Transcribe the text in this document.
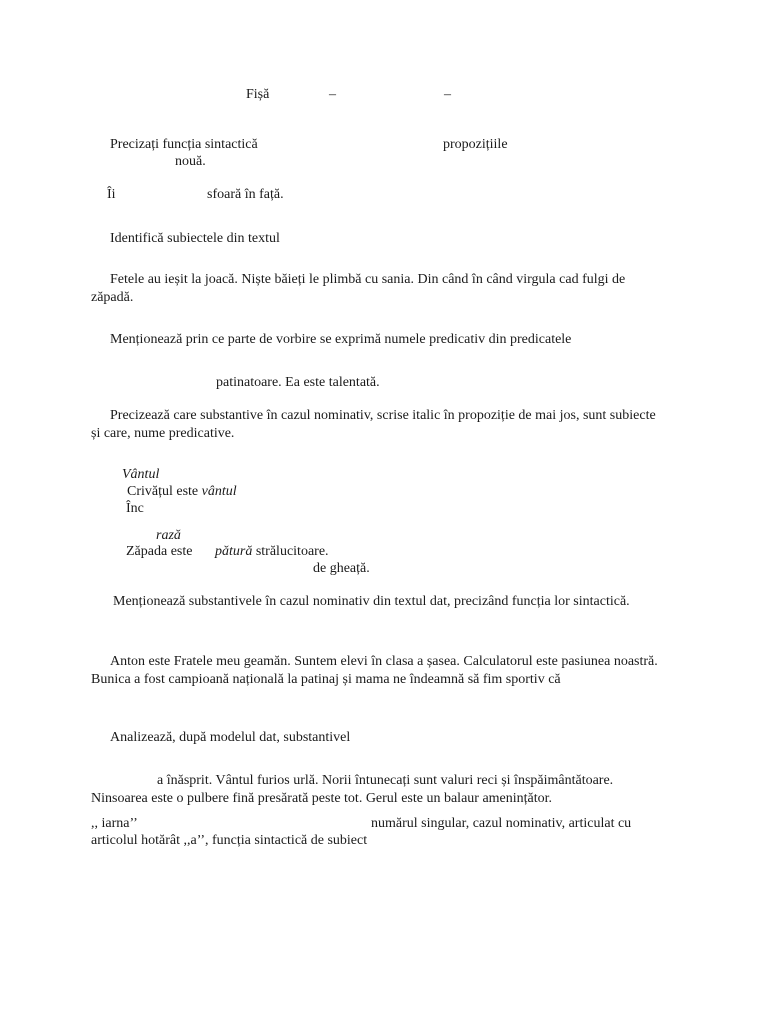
Fișă	–	–
Precizați funcția sintactică	propozițiile
nouă.
Îi	sfoară în față.
Identifică subiectele din textul
Fetele au ieșit la joacă. Niște băieți le plimbă cu sania. Din când în când virgula cad fulgi de zăpadă.
Menționează prin ce parte de vorbire se exprimă numele predicativ din predicatele
patinatoare. Ea este talentată.
Precizează care substantive în cazul nominativ, scrise italic în propoziție de mai jos, sunt subiecte și care, nume predicative.
Vântul
Crivățul este vântul
Înc
rază
Zăpada este pătură strălucitoare.
de gheață.
Menționează substantivele în cazul nominativ din textul dat, precizând funcția lor sintactică.
Anton este Fratele meu geamăn. Suntem elevi în clasa a șasea. Calculatorul este pasiunea noastră. Bunica a fost campioană națională la patinaj și mama ne îndeamnă să fim sportiv că
Analizează, după modelul dat, substantivel
a înăsprit. Vântul furios urlă. Norii întunecați sunt valuri reci și înspăimântătoare.
Ninsoarea este o pulbere fină presărată peste tot. Gerul este un balaur amenințător.
,, iarna’’	numărul singular, cazul nominativ, articulat cu
articolul hotărât ,,a’’, funcția sintactică de subiect
